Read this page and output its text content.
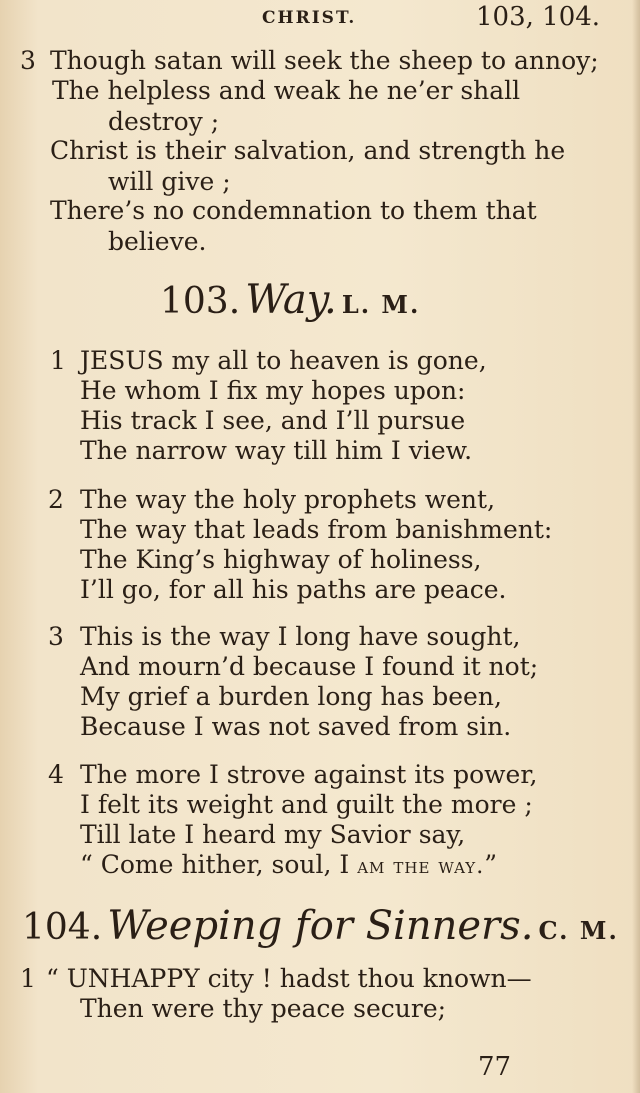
CHRIST.	103, 104.
3 Though satan will seek the sheep to annoy;
The helpless and weak he ne’er shall
destroy ;
Christ is their salvation, and strength he
will give ;
There’s no condemnation to them that
believe.
103. Way. L. M.
1 JESUS my all to heaven is gone,
He whom I fix my hopes upon:
His track I see, and I’ll pursue
The narrow way till him I view.
2 The way the holy prophets went,
The way that leads from banishment:
The King’s highway of holiness,
I’ll go, for all his paths are peace.
3 This is the way I long have sought,
And mourn’d because I found it not;
My grief a burden long has been,
Because I was not saved from sin.
4 The more I strove against its power,
I felt its weight and guilt the more ;
Till late I heard my Savior say,
“ Come hither, soul, I am the way.”
104. Weeping for Sinners. C. M.
1 “ UNHAPPY city ! hadst thou known—
Then were thy peace secure;
77
